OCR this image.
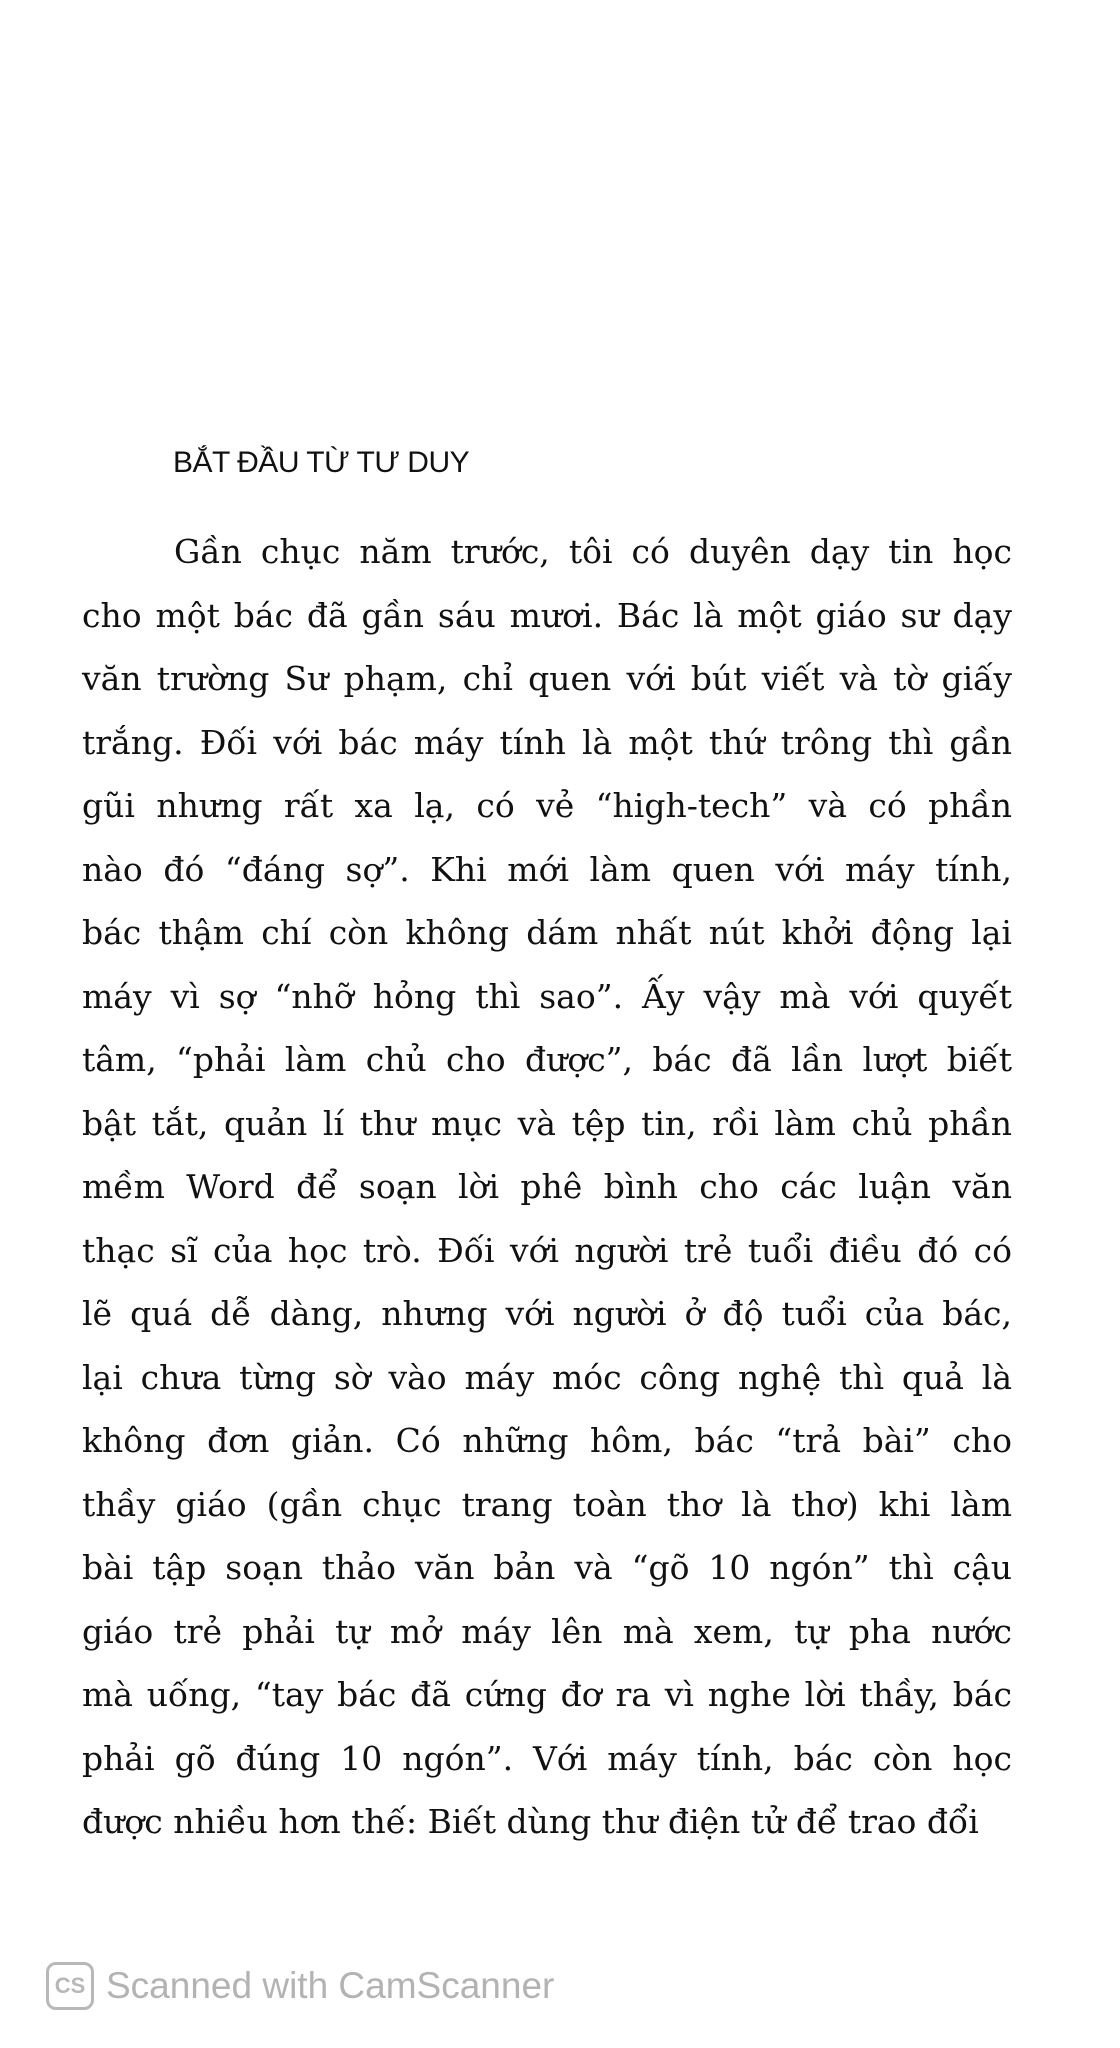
BẮT ĐẦU TỪ TƯ DUY
Gần chục năm trước, tôi có duyên dạy tin học
cho một bác đã gần sáu mươi. Bác là một giáo sư dạy
văn trường Sư phạm, chỉ quen với bút viết và tờ giấy
trắng. Đối với bác máy tính là một thứ trông thì gần
gũi nhưng rất xa lạ, có vẻ “high-tech” và có phần
nào đó “đáng sợ”. Khi mới làm quen với máy tính,
bác thậm chí còn không dám nhất nút khởi động lại
máy vì sợ “nhỡ hỏng thì sao”. Ấy vậy mà với quyết
tâm, “phải làm chủ cho được”, bác đã lần lượt biết
bật tắt, quản lí thư mục và tệp tin, rồi làm chủ phần
mềm Word để soạn lời phê bình cho các luận văn
thạc sĩ của học trò. Đối với người trẻ tuổi điều đó có
lẽ quá dễ dàng, nhưng với người ở độ tuổi của bác,
lại chưa từng sờ vào máy móc công nghệ thì quả là
không đơn giản. Có những hôm, bác “trả bài” cho
thầy giáo (gần chục trang toàn thơ là thơ) khi làm
bài tập soạn thảo văn bản và “gõ 10 ngón” thì cậu
giáo trẻ phải tự mở máy lên mà xem, tự pha nước
mà uống, “tay bác đã cứng đơ ra vì nghe lời thầy, bác
phải gõ đúng 10 ngón”. Với máy tính, bác còn học
được nhiều hơn thế: Biết dùng thư điện tử để trao đổi
CS Scanned with CamScanner
